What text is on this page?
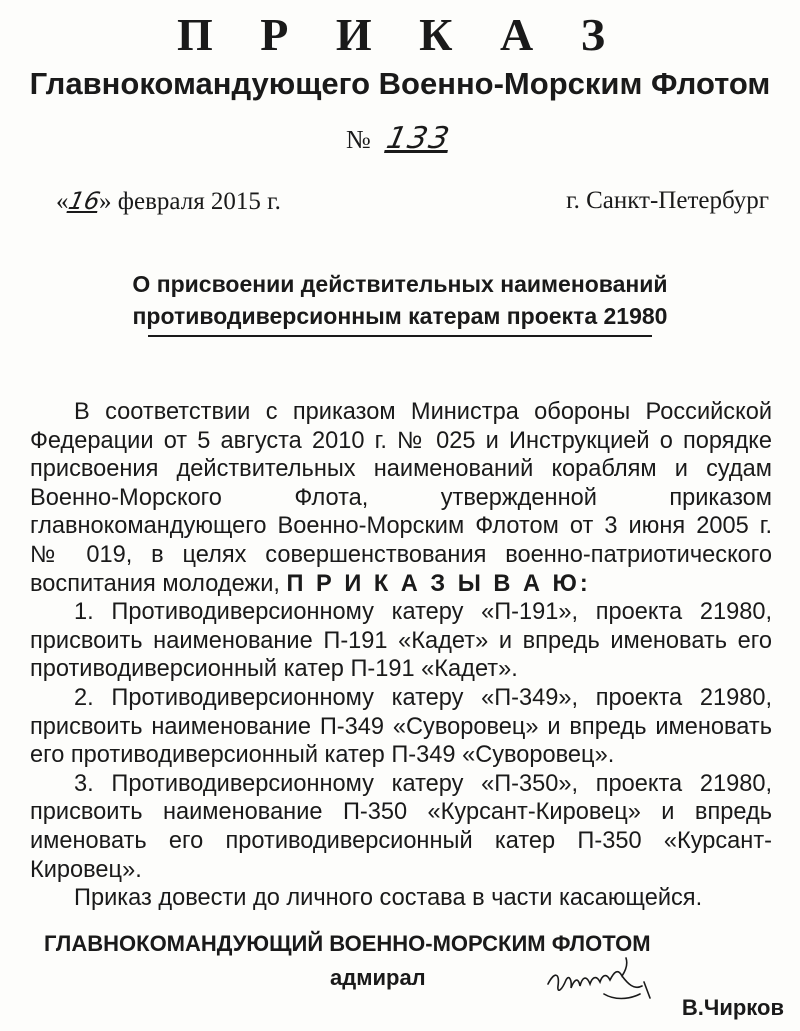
П Р И К А З
Главнокомандующего Военно-Морским Флотом
№ 133
«16» февраля 2015 г.	г. Санкт-Петербург
О присвоении действительных наименований
противодиверсионным катерам проекта 21980

В соответствии с приказом Министра обороны Российской Федерации от 5 августа 2010 г. № 025 и Инструкцией о порядке присвоения действительных наименований кораблям и судам Военно-Морского Флота, утвержденной приказом главнокомандующего Военно-Морским Флотом от 3 июня 2005 г. № 019, в целях совершенствования военно-патриотического воспитания молодежи, П Р И К А З Ы В А Ю:

1. Противодиверсионному катеру «П-191», проекта 21980, присвоить наименование П-191 «Кадет» и впредь именовать его противодиверсионный катер П-191 «Кадет».

2. Противодиверсионному катеру «П-349», проекта 21980, присвоить наименование П-349 «Суворовец» и впредь именовать его противодиверсионный катер П-349 «Суворовец».

3. Противодиверсионному катеру «П-350», проекта 21980, присвоить наименование П-350 «Курсант-Кировец» и впредь именовать его противодиверсионный катер П-350 «Курсант-Кировец».

Приказ довести до личного состава в части касающейся.

ГЛАВНОКОМАНДУЮЩИЙ ВОЕННО-МОРСКИМ ФЛОТОМ
адмирал
В.Чирков
